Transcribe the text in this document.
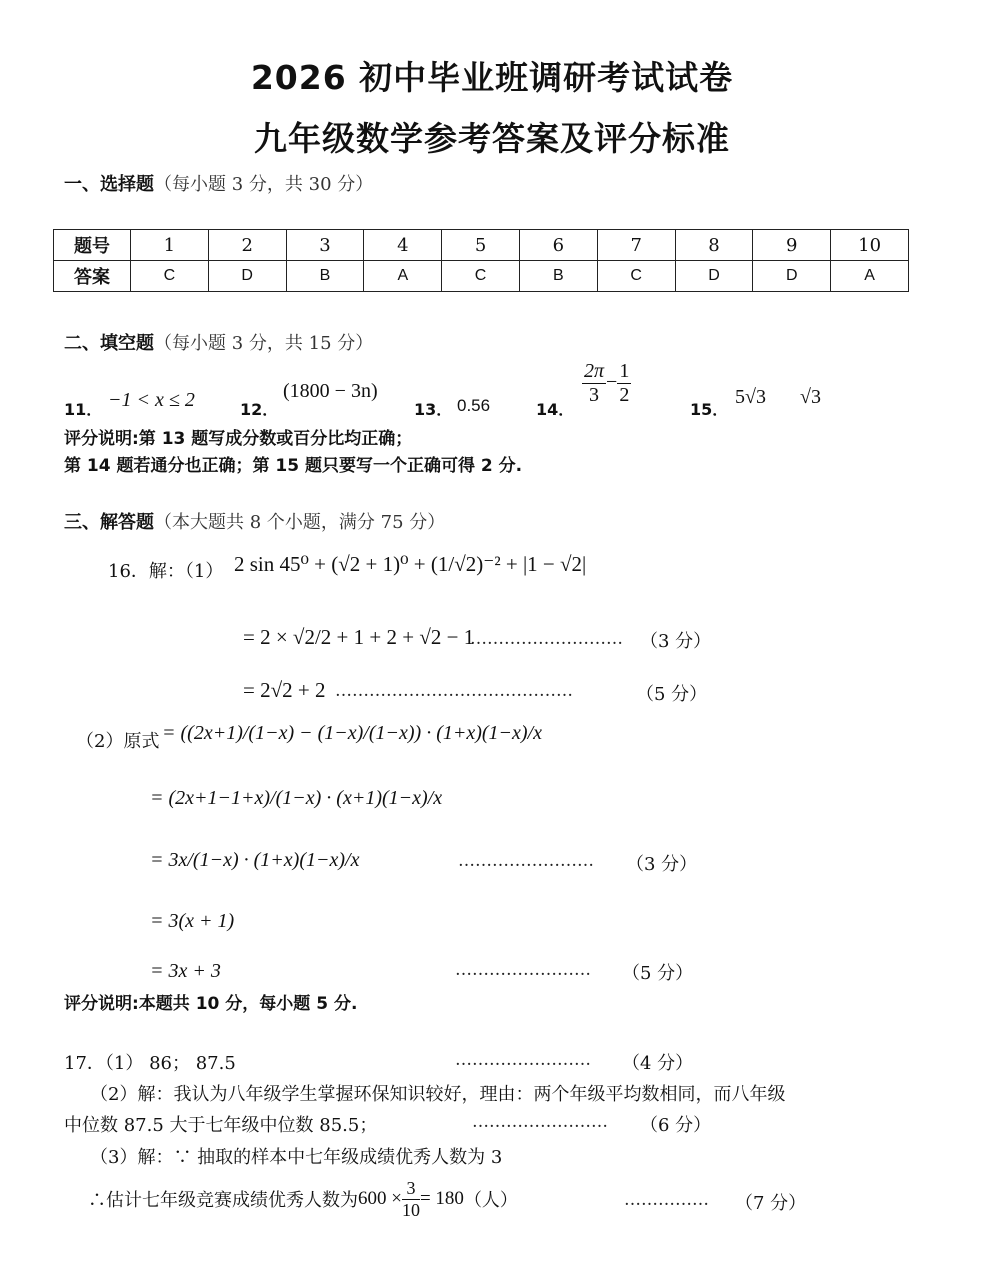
2026 初中毕业班调研考试试卷
九年级数学参考答案及评分标准
一、选择题（每小题 3 分，共 30 分）
题号	1	2	3	4	5	6	7	8	9	10
答案	C	D	B	A	C	B	C	D	D	A
二、填空题（每小题 3 分，共 15 分）
11． −1 < x ≤ 2	12．
(1800 − 3n)
13． 0.56	14．
$\frac{2\pi}{3} - \frac{1}{2}$
15．
5√3 √3
评分说明:第 13 题写成分数或百分比均正确；
第 14 题若通分也正确；第 15 题只要写一个正确可得 2 分.
三、解答题（本大题共 8 个小题，满分 75 分）
16．解：（1） 2 sin 45⁰ + (√2 + 1)⁰ + (1/√2)⁻² + |1 − √2|
= 2 × √2/2 + 1 + 2 + √2 − 1
……………………… （3 分）
= 2√2 + 2 ……………………………………	（5 分）
（2）原式 = ((2x+1)/(1−x) − (1−x)/(1−x)) · (1+x)(1−x)/x
= (2x+1−1+x)/(1−x) · (x+1)(1−x)/x
= 3x/(1−x) · (1+x)(1−x)/x	…………………… （3 分）
= 3(x + 1)
= 3x + 3	…………………… （5 分）
评分说明:本题共 10 分，每小题 5 分.
17．（1） 86； 87.5	…………………… （4 分）
（2）解：我认为八年级学生掌握环保知识较好，理由：两个年级平均数相同，而八年级
中位数 87.5 大于七年级中位数 85.5；	…………………… （6 分）
（3）解：∵ 抽取的样本中七年级成绩优秀人数为 3
∴估计七年级竞赛成绩优秀人数为$600 \times \frac{3}{10} = 180$（人）	…………… （7 分）
